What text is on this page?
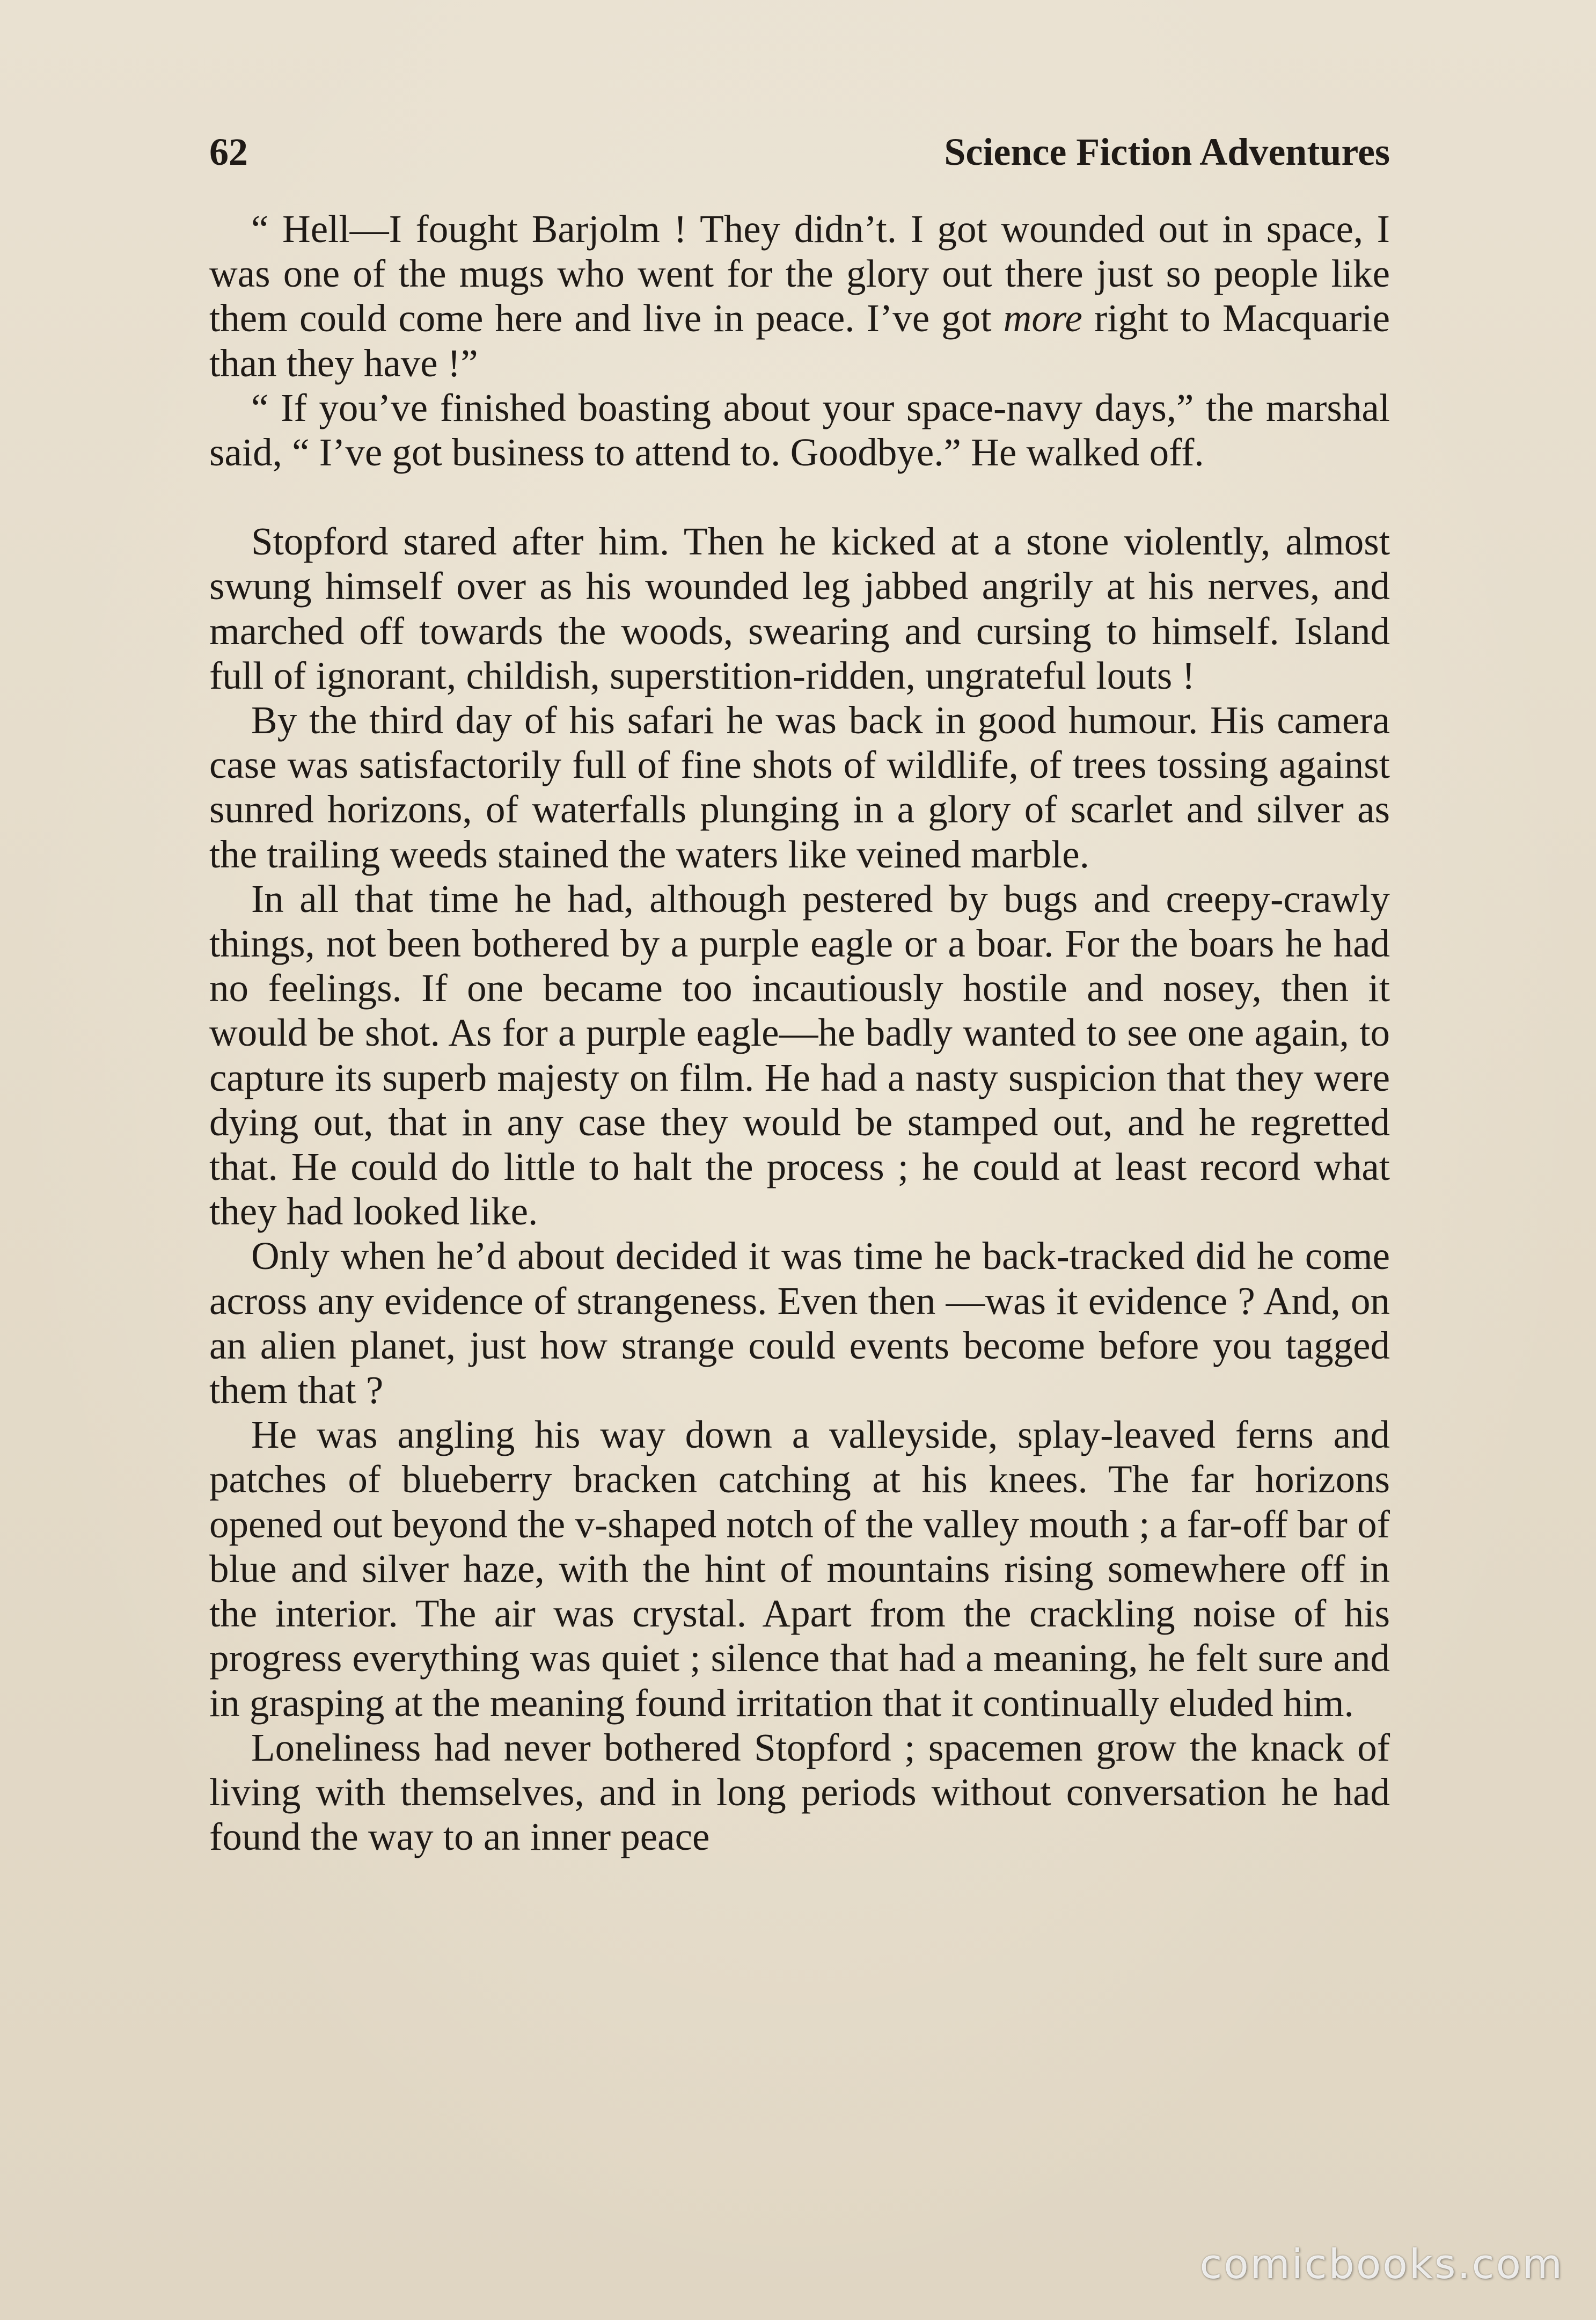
62	Science Fiction Adventures

“ Hell—I fought Barjolm ! They didn’t. I got wounded out in space, I was one of the mugs who went for the glory out there just so people like them could come here and live in peace. I’ve got more right to Macquarie than they have !”

“ If you’ve finished boasting about your space-navy days,” the marshal said, “ I’ve got business to attend to. Goodbye.” He walked off.

Stopford stared after him. Then he kicked at a stone violently, almost swung himself over as his wounded leg jabbed angrily at his nerves, and marched off towards the woods, swearing and cursing to himself. Island full of ignorant, childish, superstition-ridden, ungrateful louts !

By the third day of his safari he was back in good humour. His camera case was satisfactorily full of fine shots of wildlife, of trees tossing against sunred horizons, of waterfalls plunging in a glory of scarlet and silver as the trailing weeds stained the waters like veined marble.

In all that time he had, although pestered by bugs and creepy-crawly things, not been bothered by a purple eagle or a boar. For the boars he had no feelings. If one became too incautiously hostile and nosey, then it would be shot. As for a purple eagle—he badly wanted to see one again, to capture its superb majesty on film. He had a nasty suspicion that they were dying out, that in any case they would be stamped out, and he regretted that. He could do little to halt the process ; he could at least record what they had looked like.

Only when he’d about decided it was time he back-tracked did he come across any evidence of strangeness. Even then —was it evidence ? And, on an alien planet, just how strange could events become before you tagged them that ?

He was angling his way down a valleyside, splay-leaved ferns and patches of blueberry bracken catching at his knees. The far horizons opened out beyond the v-shaped notch of the valley mouth ; a far-off bar of blue and silver haze, with the hint of mountains rising somewhere off in the interior. The air was crystal. Apart from the crackling noise of his progress everything was quiet ; silence that had a meaning, he felt sure and in grasping at the meaning found irritation that it continually eluded him.

Loneliness had never bothered Stopford ; spacemen grow the knack of living with themselves, and in long periods without conversation he had found the way to an inner peace

comicbooks.com
